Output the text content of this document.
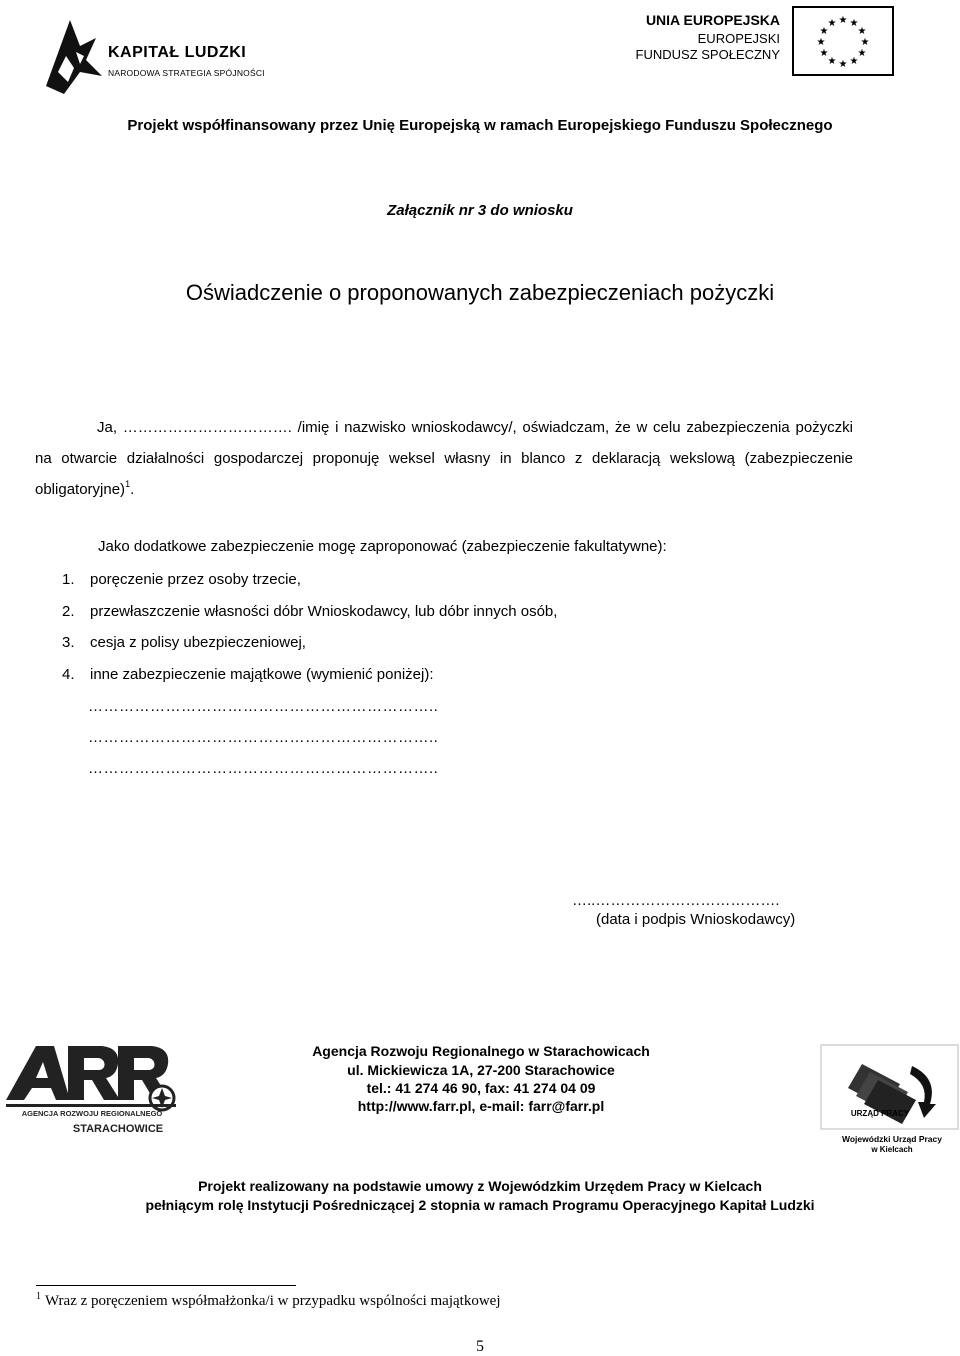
KAPITAŁ LUDZKI
NARODOWA STRATEGIA SPÓJNOŚCI
UNIA EUROPEJSKA
EUROPEJSKI
FUNDUSZ SPOŁECZNY
★ ★
★
★
★
★
★
★
★
★
★
★
Projekt współfinansowany przez Unię Europejską w ramach Europejskiego Funduszu Społecznego
Załącznik nr 3 do wniosku
Oświadczenie o proponowanych zabezpieczeniach pożyczki
Ja, ……………………………. /imię i nazwisko wnioskodawcy/, oświadczam, że w celu zabezpieczenia pożyczki na otwarcie działalności gospodarczej proponuję weksel własny in blanco z deklaracją wekslową (zabezpieczenie obligatoryjne)$^1$.
Jako dodatkowe zabezpieczenie mogę zaproponować (zabezpieczenie fakultatywne):
1. poręczenie przez osoby trzecie,
2. przewłaszczenie własności dóbr Wnioskodawcy, lub dóbr innych osób,
3. cesja z polisy ubezpieczeniowej,
4. inne zabezpieczenie majątkowe (wymienić poniżej):
…………………………………………………………..
…………………………………………………………..
…………………………………………………………..
…..……………………………….
(data i podpis Wnioskodawcy)
AGENCJA ROZWOJU REGIONALNEGO
STARACHOWICE
Agencja Rozwoju Regionalnego w Starachowicach
ul. Mickiewicza 1A, 27-200 Starachowice
tel.: 41 274 46 90, fax: 41 274 04 09
http://www.farr.pl, e-mail: farr@farr.pl	URZĄD PRACY
Wojewódzki Urząd Pracy
w Kielcach
Projekt realizowany na podstawie umowy z Wojewódzkim Urzędem Pracy w Kielcach
pełniącym rolę Instytucji Pośredniczącej 2 stopnia w ramach Programu Operacyjnego Kapitał Ludzki
$^1$ Wraz z poręczeniem współmałżonka/i w przypadku wspólności majątkowej
5
